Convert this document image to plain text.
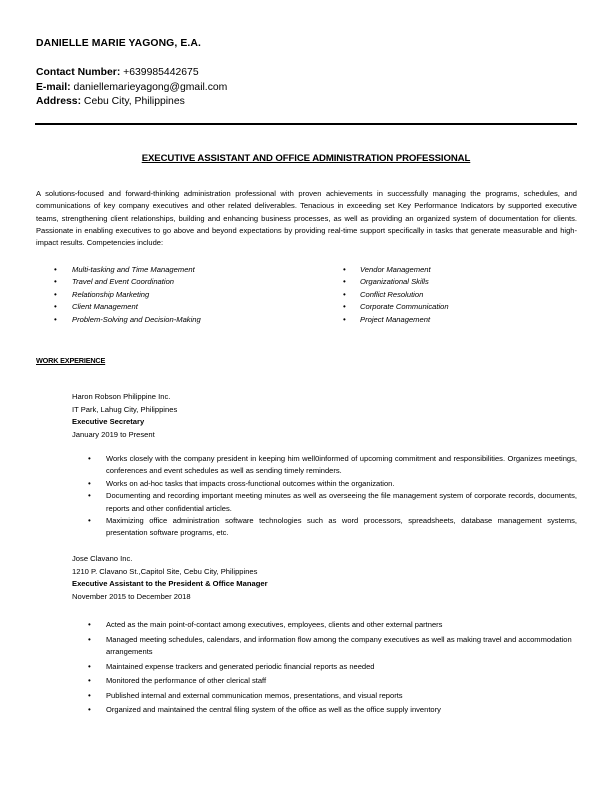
DANIELLE MARIE YAGONG, E.A.
Contact Number: +639985442675
E-mail: daniellemarieyagong@gmail.com
Address: Cebu City, Philippines
EXECUTIVE ASSISTANT AND OFFICE ADMINISTRATION PROFESSIONAL
A solutions-focused and forward-thinking administration professional with proven achievements in successfully managing the programs, schedules, and communications of key company executives and other related deliverables. Tenacious in exceeding set Key Performance Indicators by supported executive teams, strengthening client relationships, building and enhancing business processes, as well as providing an organized system of documentation for clients. Passionate in enabling executives to go above and beyond expectations by providing real-time support specifically in tasks that generate measurable and high-impact results. Competencies include:
• Multi-tasking and Time Management
• Travel and Event Coordination
• Relationship Marketing
• Client Management
• Problem-Solving and Decision-Making
• Vendor Management
• Organizational Skills
• Conflict Resolution
• Corporate Communication
• Project Management
WORK EXPERIENCE
Haron Robson Philippine Inc.
IT Park, Lahug City, Philippines
Executive Secretary
January 2019 to Present
• Works closely with the company president in keeping him well0informed of upcoming commitment and responsibilities. Organizes meetings, conferences and event schedules as well as sending timely reminders.
• Works on ad-hoc tasks that impacts cross-functional outcomes within the organization.
• Documenting and recording important meeting minutes as well as overseeing the file management system of corporate records, documents, reports and other confidential articles.
• Maximizing office administration software technologies such as word processors, spreadsheets, database management systems, presentation software programs, etc.
Jose Clavano Inc.
1210 P. Clavano St.,Capitol Site, Cebu City, Philippines
Executive Assistant to the President & Office Manager
November 2015 to December 2018
• Acted as the main point-of-contact among executives, employees, clients and other external partners
• Managed meeting schedules, calendars, and information flow among the company executives as well as making travel and accommodation arrangements
• Maintained expense trackers and generated periodic financial reports as needed
• Monitored the performance of other clerical staff
• Published internal and external communication memos, presentations, and visual reports
• Organized and maintained the central filing system of the office as well as the office supply inventory
